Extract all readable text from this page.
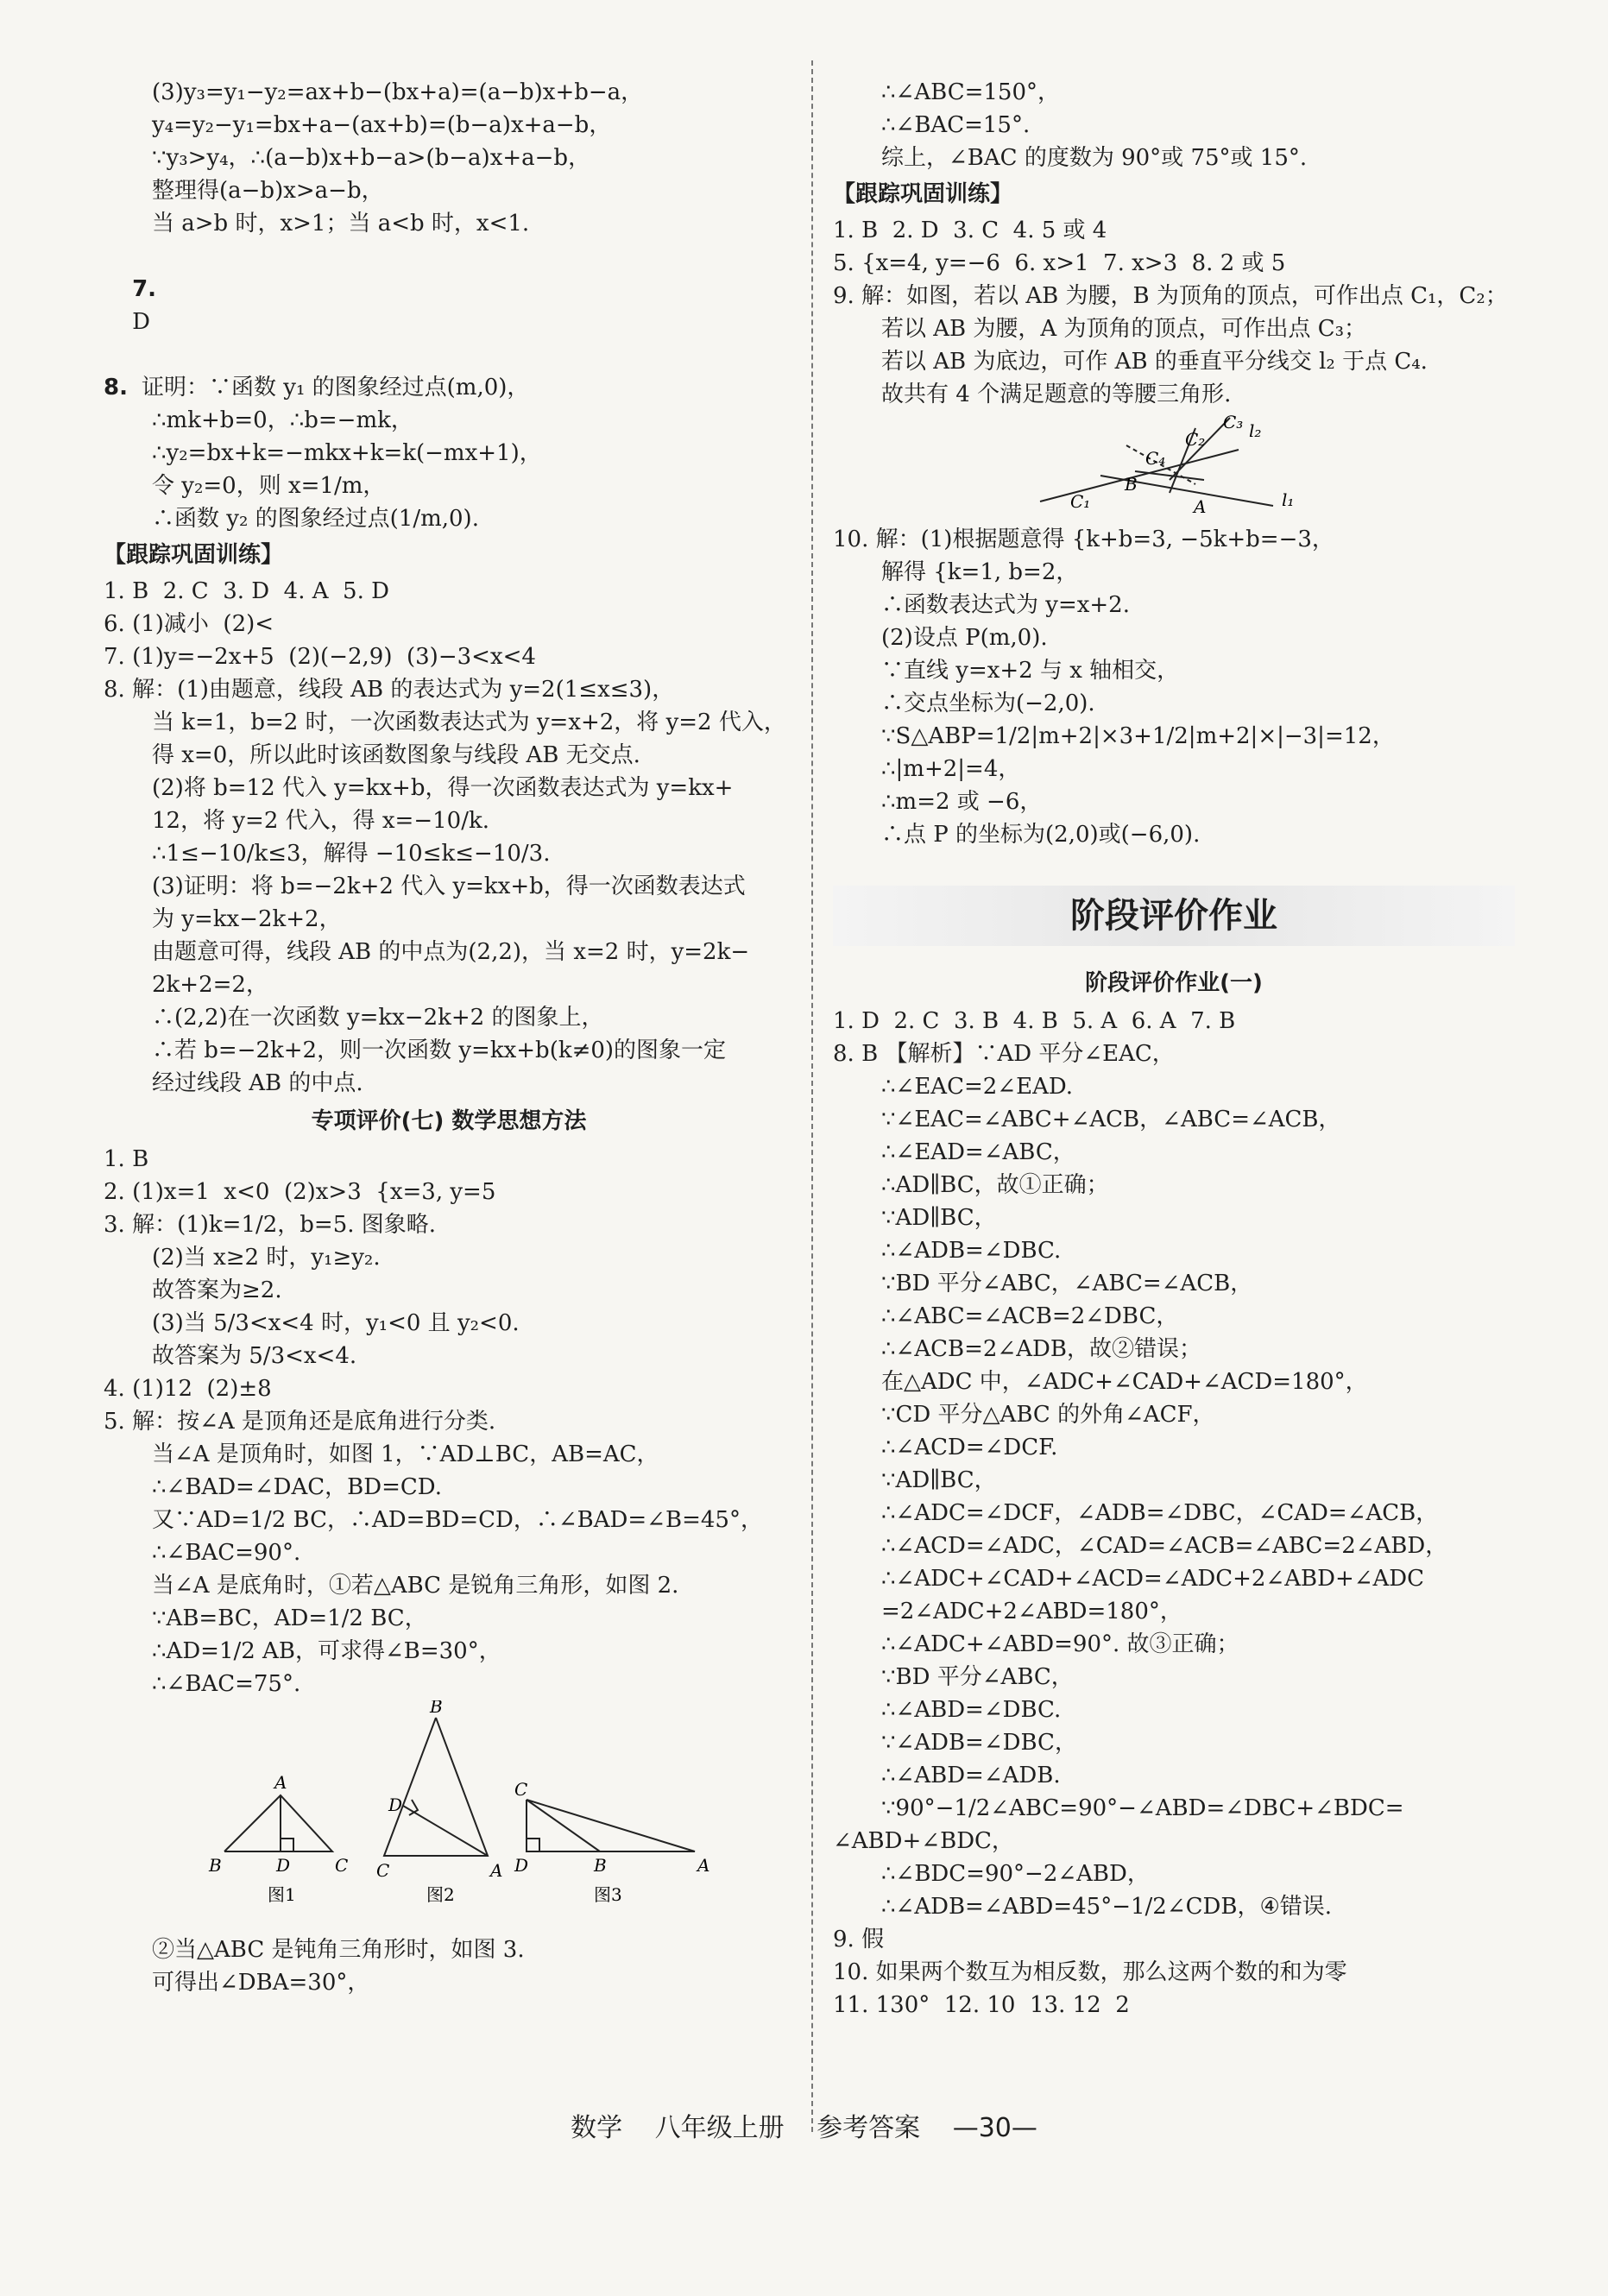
(3)y₃=y₁−y₂=ax+b−(bx+a)=(a−b)x+b−a，
y₄=y₂−y₁=bx+a−(ax+b)=(b−a)x+a−b，
∵y₃>y₄，∴(a−b)x+b−a>(b−a)x+a−b，
整理得(a−b)x>a−b，
当 a>b 时，x>1；当 a<b 时，x<1.

7.
D

8. 证明：∵函数 y₁ 的图象经过点(m,0)，
∴mk+b=0，∴b=−mk，
∴y₂=bx+k=−mkx+k=k(−mx+1)，
令 y₂=0，则 x=1/m，
∴函数 y₂ 的图象经过点(1/m,0).
【跟踪巩固训练】
1. B  2. C  3. D  4. A  5. D
6. (1)减小  (2)<
7. (1)y=−2x+5  (2)(−2,9)  (3)−3<x<4
8. 解：(1)由题意，线段 AB 的表达式为 y=2(1≤x≤3)，
当 k=1，b=2 时，一次函数表达式为 y=x+2，将 y=2 代入，
得 x=0，所以此时该函数图象与线段 AB 无交点.
(2)将 b=12 代入 y=kx+b，得一次函数表达式为 y=kx+
12，将 y=2 代入，得 x=−10/k.
∴1≤−10/k≤3，解得 −10≤k≤−10/3.
(3)证明：将 b=−2k+2 代入 y=kx+b，得一次函数表达式
为 y=kx−2k+2，
由题意可得，线段 AB 的中点为(2,2)，当 x=2 时，y=2k−
2k+2=2，
∴(2,2)在一次函数 y=kx−2k+2 的图象上，
∴若 b=−2k+2，则一次函数 y=kx+b(k≠0)的图象一定
经过线段 AB 的中点.
专项评价(七) 数学思想方法
1. B
2. (1)x=1  x<0  (2)x>3  {x=3, y=5
3. 解：(1)k=1/2，b=5. 图象略.
(2)当 x≥2 时，y₁≥y₂.
故答案为≥2.
(3)当 5/3<x<4 时，y₁<0 且 y₂<0.
故答案为 5/3<x<4.
4. (1)12  (2)±8
5. 解：按∠A 是顶角还是底角进行分类.
当∠A 是顶角时，如图 1，∵AD⊥BC，AB=AC，
∴∠BAD=∠DAC，BD=CD.
又∵AD=1/2 BC，∴AD=BD=CD，∴∠BAD=∠B=45°，
∴∠BAC=90°.
当∠A 是底角时，①若△ABC 是锐角三角形，如图 2.
∵AB=BC，AD=1/2 BC，
∴AD=1/2 AB，可求得∠B=30°，
∴∠BAC=75°.
A
B	D	C
图1
B
D
C	A
图2
C
D	B	A
图3
②当△ABC 是钝角三角形时，如图 3.
可得出∠DBA=30°，
∴∠ABC=150°，
∴∠BAC=15°.
综上，∠BAC 的度数为 90°或 75°或 15°.
【跟踪巩固训练】
1. B  2. D  3. C  4. 5 或 4
5. {x=4, y=−6  6. x>1  7. x>3  8. 2 或 5
9. 解：如图，若以 AB 为腰，B 为顶角的顶点，可作出点 C₁，C₂；
若以 AB 为腰，A 为顶角的顶点，可作出点 C₃；
若以 AB 为底边，可作 AB 的垂直平分线交 l₂ 于点 C₄.
故共有 4 个满足题意的等腰三角形.
C₃ l₂
C₂
C₄
B
C₁	A	l₁
10. 解：(1)根据题意得 {k+b=3, −5k+b=−3，
解得 {k=1, b=2，
∴函数表达式为 y=x+2.
(2)设点 P(m,0).
∵直线 y=x+2 与 x 轴相交，
∴交点坐标为(−2,0).
∵S△ABP=1/2|m+2|×3+1/2|m+2|×|−3|=12，
∴|m+2|=4，
∴m=2 或 −6，
∴点 P 的坐标为(2,0)或(−6,0).
阶段评价作业
阶段评价作业(一)
1. D  2. C  3. B  4. B  5. A  6. A  7. B
8. B 【解析】∵AD 平分∠EAC，
∴∠EAC=2∠EAD.
∵∠EAC=∠ABC+∠ACB，∠ABC=∠ACB，
∴∠EAD=∠ABC，
∴AD∥BC，故①正确；
∵AD∥BC，
∴∠ADB=∠DBC.
∵BD 平分∠ABC，∠ABC=∠ACB，
∴∠ABC=∠ACB=2∠DBC，
∴∠ACB=2∠ADB，故②错误；
在△ADC 中，∠ADC+∠CAD+∠ACD=180°，
∵CD 平分△ABC 的外角∠ACF，
∴∠ACD=∠DCF.
∵AD∥BC，
∴∠ADC=∠DCF，∠ADB=∠DBC，∠CAD=∠ACB，
∴∠ACD=∠ADC，∠CAD=∠ACB=∠ABC=2∠ABD，
∴∠ADC+∠CAD+∠ACD=∠ADC+2∠ABD+∠ADC
=2∠ADC+2∠ABD=180°，
∴∠ADC+∠ABD=90°. 故③正确；
∵BD 平分∠ABC，
∴∠ABD=∠DBC.
∵∠ADB=∠DBC，
∴∠ABD=∠ADB.
∵90°−1/2∠ABC=90°−∠ABD=∠DBC+∠BDC=
∠ABD+∠BDC，
∴∠BDC=90°−2∠ABD，
∴∠ADB=∠ABD=45°−1/2∠CDB，④错误.
9. 假
10. 如果两个数互为相反数，那么这两个数的和为零
11. 130°  12. 10  13. 12  2
数学 八年级上册 参考答案 —30—
